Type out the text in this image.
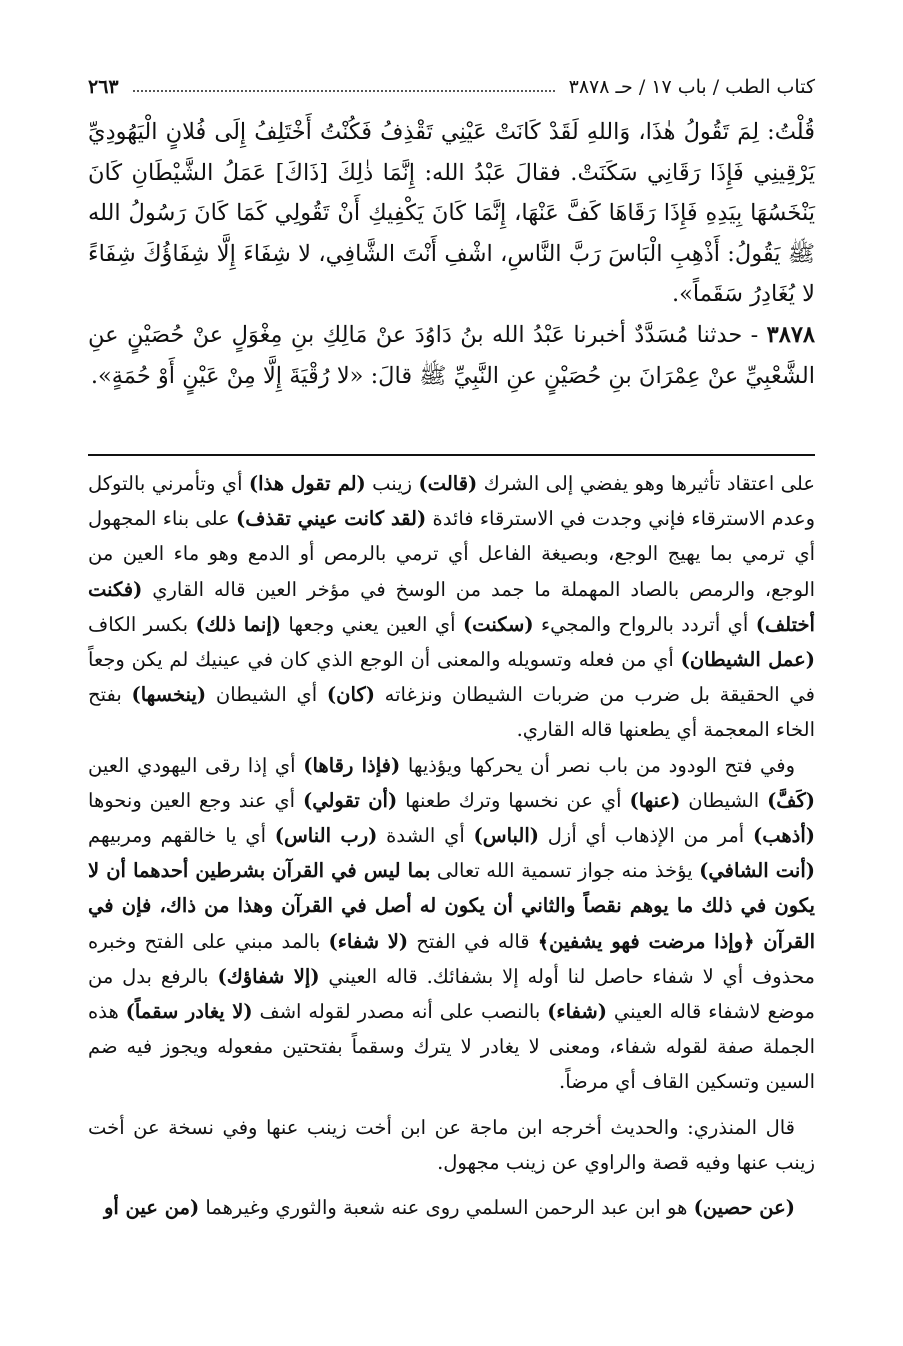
كتاب الطب / باب ١٧ / حـ ٣٨٧٨
٢٦٣

قُلْتُ: لِمَ تَقُولُ هٰذَا، وَاللهِ لَقَدْ كَانَتْ عَيْنِي تَقْذِفُ فَكُنْتُ أَخْتَلِفُ إِلَى فُلانٍ الْيَهُودِيِّ يَرْقِينِي فَإِذَا رَقَانِي سَكَنَتْ. فقالَ عَبْدُ الله: إِنَّمَا ذٰلِكَ [ذَاكَ] عَمَلُ الشَّيْطَانِ كَانَ يَنْخَسُهَا بِيَدِهِ فَإِذَا رَقَاهَا كَفَّ عَنْهَا، إِنَّمَا كَانَ يَكْفِيكِ أَنْ تَقُولِي كَمَا كَانَ رَسُولُ الله ﷺ يَقُولُ: أَذْهِبِ الْبَاسَ رَبَّ النَّاسِ، اشْفِ أَنْتَ الشَّافِي، لا شِفَاءَ إِلَّا شِفَاؤُكَ شِفَاءً لا يُغَادِرُ سَقَماً».

٣٨٧٨ - حدثنا مُسَدَّدٌ أخبرنا عَبْدُ الله بنُ دَاوُدَ عنْ مَالِكِ بنِ مِغْوَلٍ عنْ حُصَيْنٍ عنِ الشَّعْبِيِّ عنْ عِمْرَانَ بنِ حُصَيْنٍ عنِ النَّبِيِّ ﷺ قالَ: «لا رُقْيَةَ إِلَّا مِنْ عَيْنٍ أَوْ حُمَةٍ».

على اعتقاد تأثيرها وهو يفضي إلى الشرك (قالت) زينب (لم تقول هذا) أي وتأمرني بالتوكل وعدم الاسترقاء فإني وجدت في الاسترقاء فائدة (لقد كانت عيني تقذف) على بناء المجهول أي ترمي بما يهيج الوجع، وبصيغة الفاعل أي ترمي بالرمص أو الدمع وهو ماء العين من الوجع، والرمص بالصاد المهملة ما جمد من الوسخ في مؤخر العين قاله القاري (فكنت أختلف) أي أتردد بالرواح والمجيء (سكنت) أي العين يعني وجعها (إنما ذلك) بكسر الكاف (عمل الشيطان) أي من فعله وتسويله والمعنى أن الوجع الذي كان في عينيك لم يكن وجعاً في الحقيقة بل ضرب من ضربات الشيطان ونزغاته (كان) أي الشيطان (ينخسها) بفتح الخاء المعجمة أي يطعنها قاله القاري.

وفي فتح الودود من باب نصر أن يحركها ويؤذيها (فإذا رقاها) أي إذا رقى اليهودي العين (كَفَّ) الشيطان (عنها) أي عن نخسها وترك طعنها (أن تقولي) أي عند وجع العين ونحوها (أذهب) أمر من الإذهاب أي أزل (الباس) أي الشدة (رب الناس) أي يا خالقهم ومربيهم (أنت الشافي) يؤخذ منه جواز تسمية الله تعالى بما ليس في القرآن بشرطين أحدهما أن لا يكون في ذلك ما يوهم نقصاً والثاني أن يكون له أصل في القرآن وهذا من ذاك، فإن في القرآن ﴿وإذا مرضت فهو يشفين﴾ قاله في الفتح (لا شفاء) بالمد مبني على الفتح وخبره محذوف أي لا شفاء حاصل لنا أوله إلا بشفائك. قاله العيني (إلا شفاؤك) بالرفع بدل من موضع لاشفاء قاله العيني (شفاء) بالنصب على أنه مصدر لقوله اشف (لا يغادر سقماً) هذه الجملة صفة لقوله شفاء، ومعنى لا يغادر لا يترك وسقماً بفتحتين مفعوله ويجوز فيه ضم السين وتسكين القاف أي مرضاً.

قال المنذري: والحديث أخرجه ابن ماجة عن ابن أخت زينب عنها وفي نسخة عن أخت زينب عنها وفيه قصة والراوي عن زينب مجهول.

(عن حصين) هو ابن عبد الرحمن السلمي روى عنه شعبة والثوري وغيرهما (من عين أو
